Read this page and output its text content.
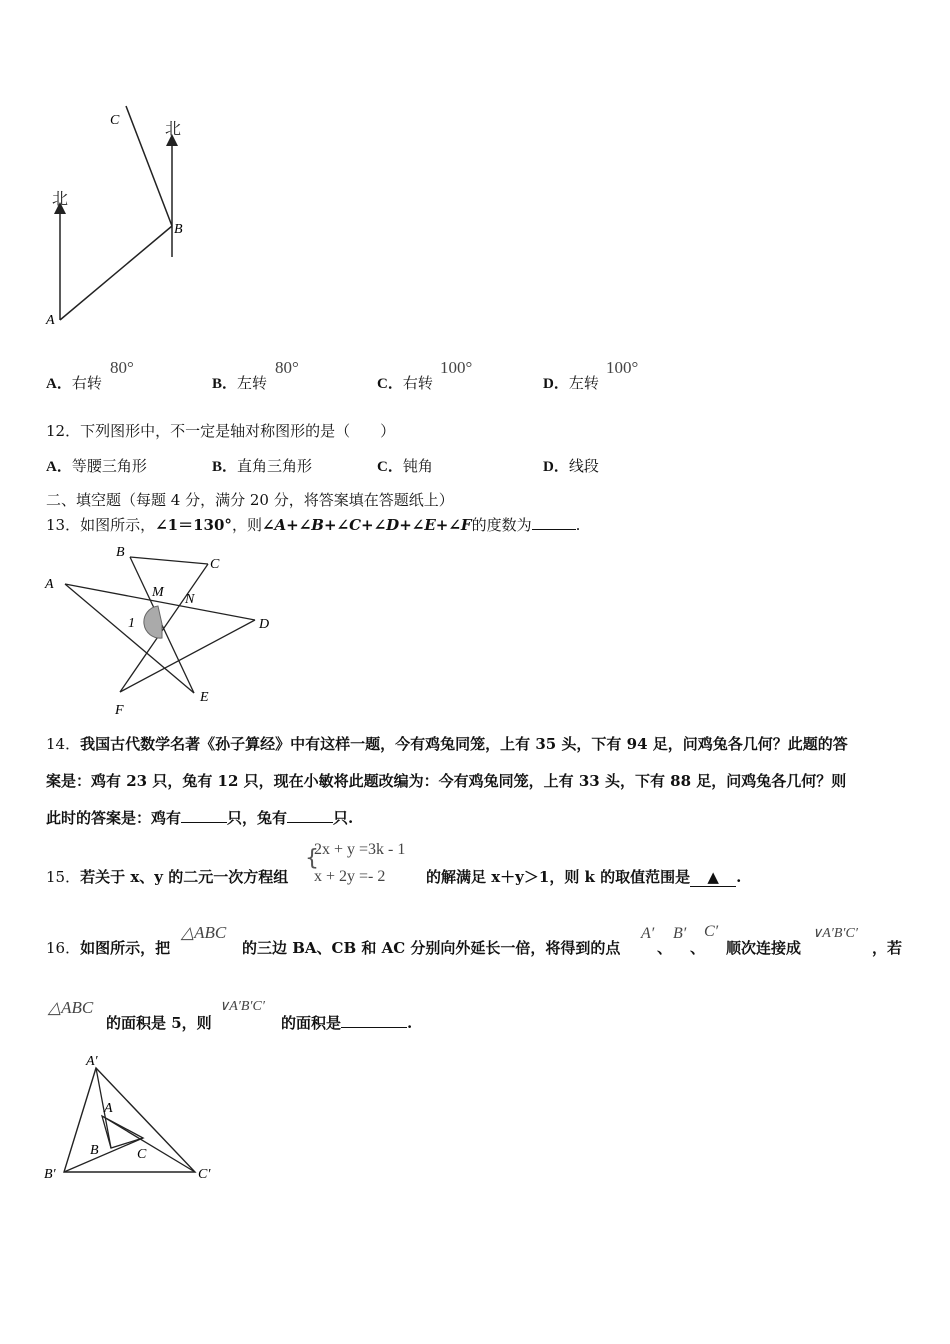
北
北
A
B
C
A．右转
80°
B．左转
80°
C．右转
100°
D．左转
100°
12．下列图形中，不一定是轴对称图形的是（　　）
A．等腰三角形	B．直角三角形	C．钝角	D．线段
二、填空题（每题 4 分，满分 20 分，将答案填在答题纸上）
13．如图所示，∠1＝130°，则∠A+∠B+∠C+∠D+∠E+∠F的度数为	.
A
B
C
D
E
F
M N
1
14．我国古代数学名著《孙子算经》中有这样一题，今有鸡兔同笼，上有 35 头，下有 94 足，问鸡兔各几何？此题的答
案是：鸡有 23 只，兔有 12 只，现在小敏将此题改编为：今有鸡兔同笼，上有 33 头，下有 88 足，问鸡兔各几何？则
此时的答案是：鸡有	只，兔有	只.
15．若关于 x、y 的二元一次方程组
{
2x + y =3k - 1
x + 2y =- 2	的解满足 x＋y＞1，则 k 的取值范围是 ▲ .
△ABC
16．如图所示，把	的三边 BA、CB 和 AC 分别向外延长一倍，将得到的点
A′
、
B′
、
C′
顺次连接成
∨A′B′C′
，若
△ABC
的面积是 5，则
∨A′B′C′
的面积是	.
A′
B′	C′
A
B	C
